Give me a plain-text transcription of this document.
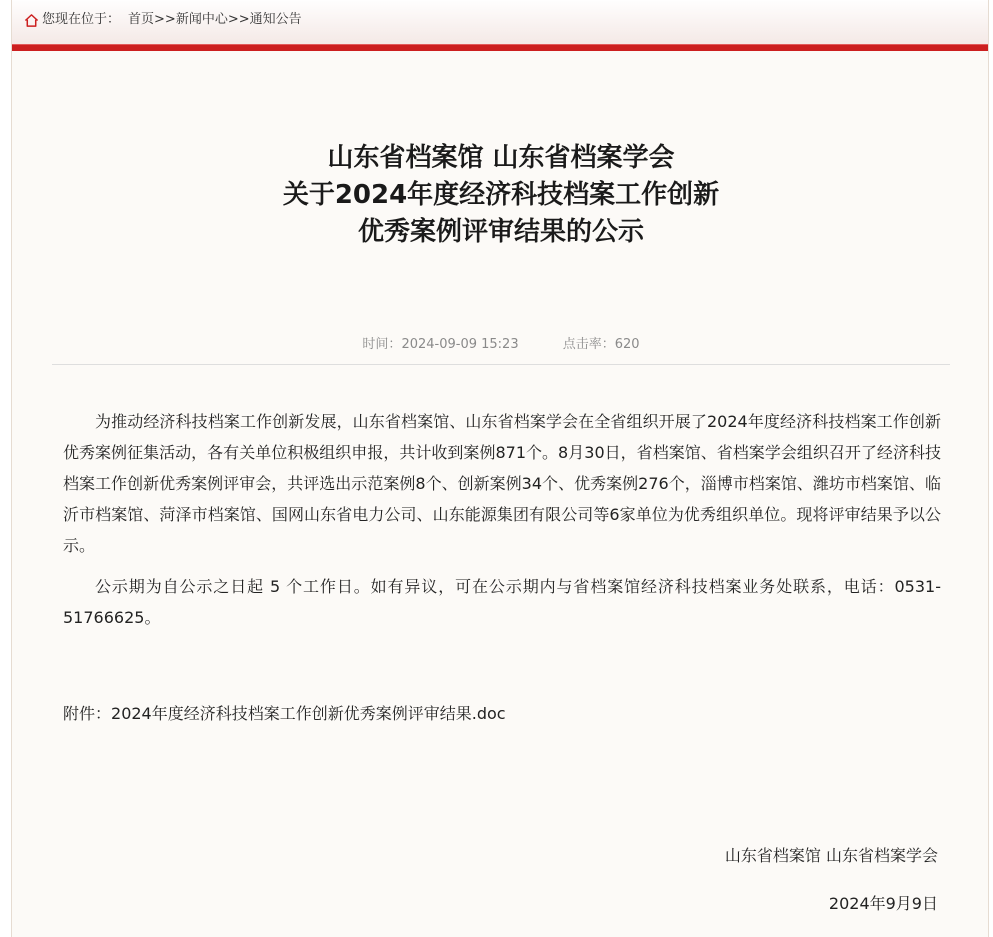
您现在位于： 首页 >> 新闻中心 >> 通知公告
山东省档案馆 山东省档案学会
关于2024年度经济科技档案工作创新
优秀案例评审结果的公示
时间：2024-09-09 15:23	点击率：620

为推动经济科技档案工作创新发展，山东省档案馆、山东省档案学会在全省组织开展了2024年度经济科技档案工作创新优秀案例征集活动，各有关单位积极组织申报，共计收到案例871个。8月30日，省档案馆、省档案学会组织召开了经济科技档案工作创新优秀案例评审会，共评选出示范案例8个、创新案例34个、优秀案例276个，淄博市档案馆、潍坊市档案馆、临沂市档案馆、菏泽市档案馆、国网山东省电力公司、山东能源集团有限公司等6家单位为优秀组织单位。现将评审结果予以公示。

公示期为自公示之日起 5 个工作日。如有异议，可在公示期内与省档案馆经济科技档案业务处联系，电话：0531-51766625。

附件：2024年度经济科技档案工作创新优秀案例评审结果.doc
山东省档案馆 山东省档案学会
2024年9月9日
